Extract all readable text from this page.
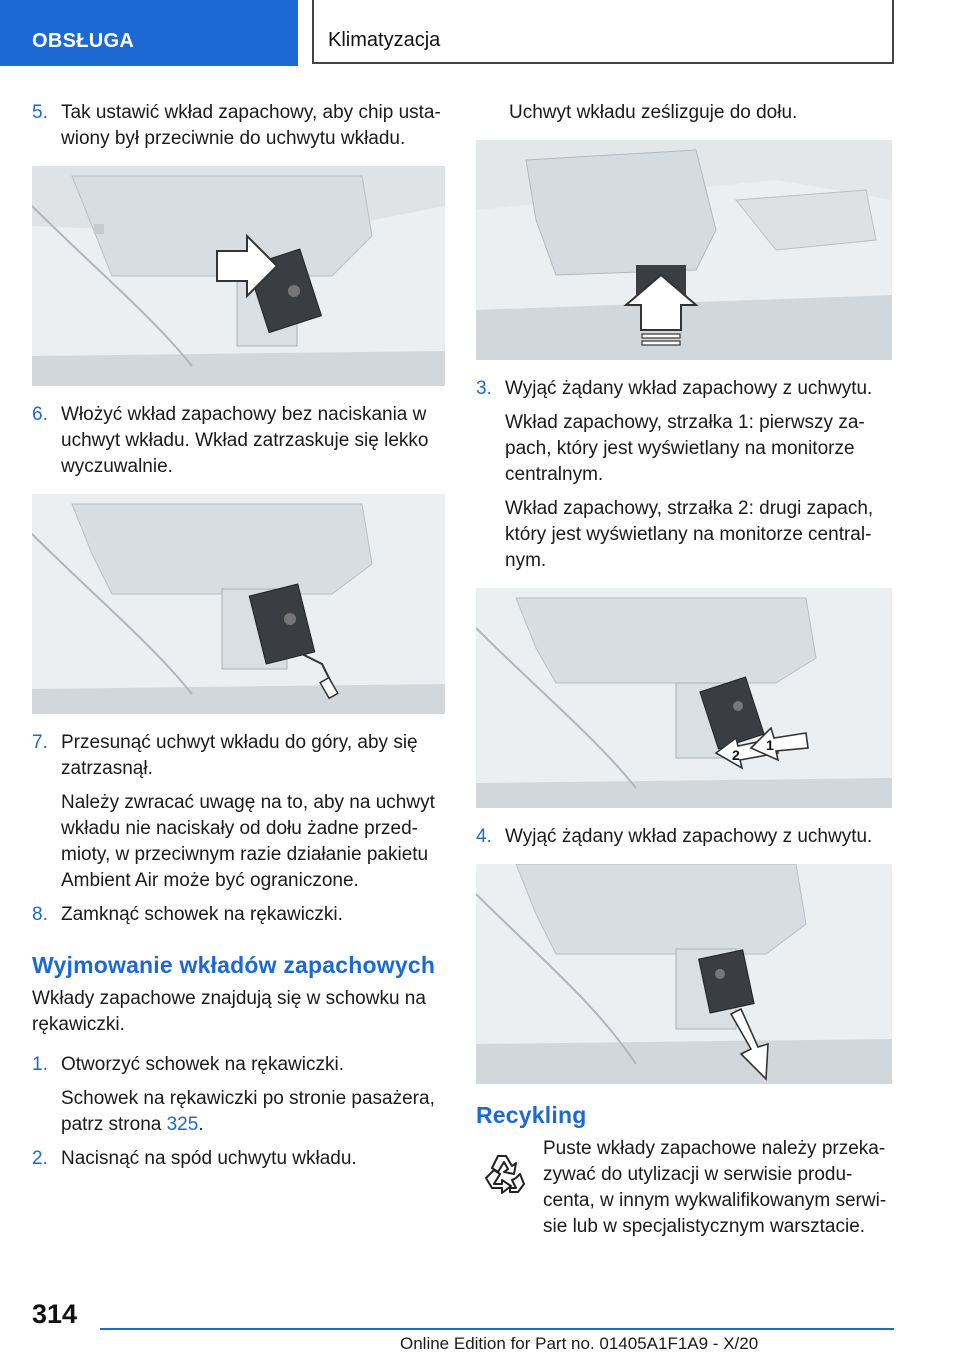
OBSŁUGA	Klimatyzacja
5. Tak ustawić wkład zapachowy, aby chip usta-wiony był przeciwnie do uchwytu wkładu.
6. Włożyć wkład zapachowy bez naciskania w uchwyt wkładu. Wkład zatrzaskuje się lekko wyczuwalnie.
7. Przesunąć uchwyt wkładu do góry, aby się zatrzasnął.
Należy zwracać uwagę na to, aby na uchwyt wkładu nie naciskały od dołu żadne przed-mioty, w przeciwnym razie działanie pakietu Ambient Air może być ograniczone.
8. Zamknąć schowek na rękawiczki.
Wyjmowanie wkładów zapachowych

Wkłady zapachowe znajdują się w schowku na rękawiczki.

1. Otworzyć schowek na rękawiczki.
Schowek na rękawiczki po stronie pasażera, patrz strona 325.
2. Nacisnąć na spód uchwytu wkładu.

Uchwyt wkładu ześlizguje do dołu.

3. Wyjąć żądany wkład zapachowy z uchwytu.
Wkład zapachowy, strzałka 1: pierwszy za-pach, który jest wyświetlany na monitorze centralnym.
Wkład zapachowy, strzałka 2: drugi zapach, który jest wyświetlany na monitorze central-nym.
2
1
4. Wyjąć żądany wkład zapachowy z uchwytu.
Recykling
Puste wkłady zapachowe należy przeka-zywać do utylizacji w serwisie produ-centa, w innym wykwalifikowanym serwi-sie lub w specjalistycznym warsztacie.
314
Online Edition for Part no. 01405A1F1A9 - X/20
